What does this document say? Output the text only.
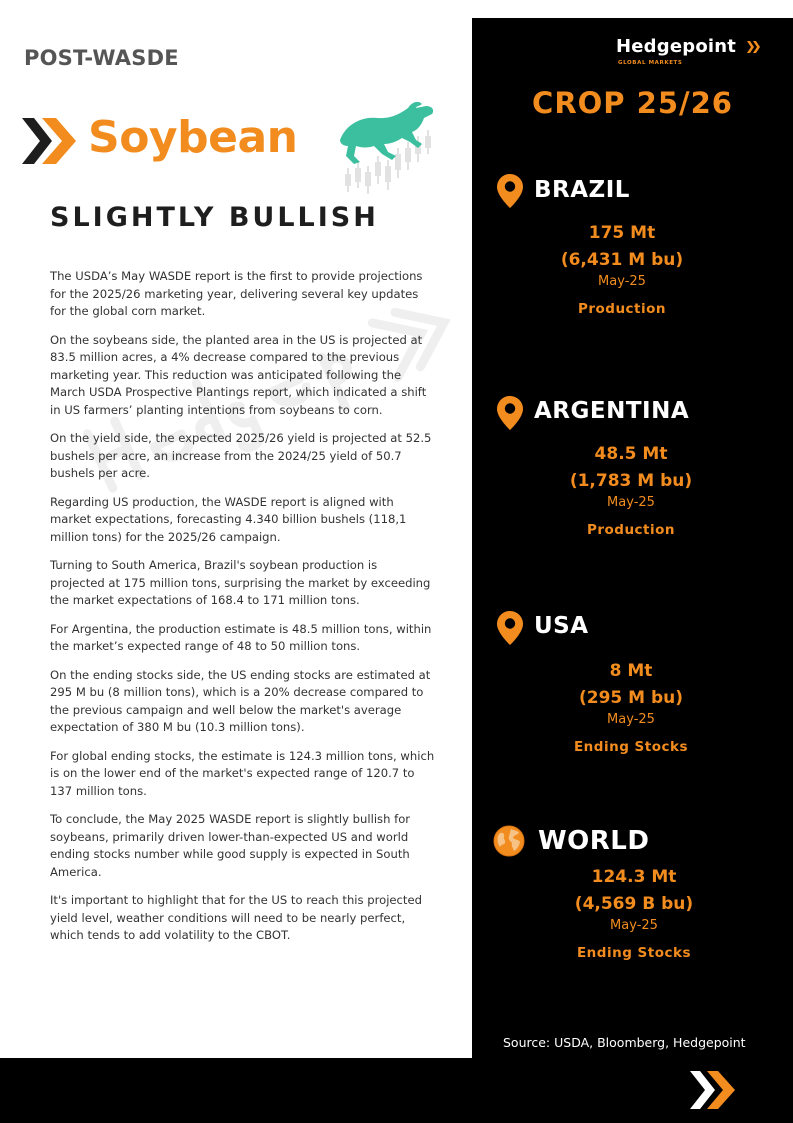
POST-WASDE
Soybean
SLIGHTLY BULLISH

The USDA’s May WASDE report is the first to provide projections for the 2025/26 marketing year, delivering several key updates for the global corn market.

On the soybeans side, the planted area in the US is projected at 83.5 million acres, a 4% decrease compared to the previous marketing year. This reduction was anticipated following the March USDA Prospective Plantings report, which indicated a shift in US farmers’ planting intentions from soybeans to corn.

On the yield side, the expected 2025/26 yield is projected at 52.5 bushels per acre, an increase from the 2024/25 yield of 50.7 bushels per acre.

Regarding US production, the WASDE report is aligned with market expectations, forecasting 4.340 billion bushels (118,1 million tons) for the 2025/26 campaign.

Turning to South America, Brazil's soybean production is projected at 175 million tons, surprising the market by exceeding the market expectations of 168.4 to 171 million tons.

For Argentina, the production estimate is 48.5 million tons, within the market’s expected range of 48 to 50 million tons.

On the ending stocks side, the US ending stocks are estimated at 295 M bu (8 million tons), which is a 20% decrease compared to the previous campaign and well below the market's average expectation of 380 M bu (10.3 million tons).

For global ending stocks, the estimate is 124.3 million tons, which is on the lower end of the market's expected range of 120.7 to 137 million tons.

To conclude, the May 2025 WASDE report is slightly bullish for soybeans, primarily driven lower-than-expected US and world ending stocks number while good supply is expected in South America.

It's important to highlight that for the US to reach this projected yield level, weather conditions will need to be nearly perfect, which tends to add volatility to the CBOT.

Hedgepoint
GLOBAL MARKETS
CROP 25/26
BRAZIL
175 Mt
(6,431 M bu)
May-25
Production
ARGENTINA
48.5 Mt
(1,783 M bu)
May-25
Production
USA
8 Mt
(295 M bu)
May-25
Ending Stocks
WORLD
124.3 Mt
(4,569 B bu)
May-25
Ending Stocks
Source: USDA, Bloomberg, Hedgepoint
